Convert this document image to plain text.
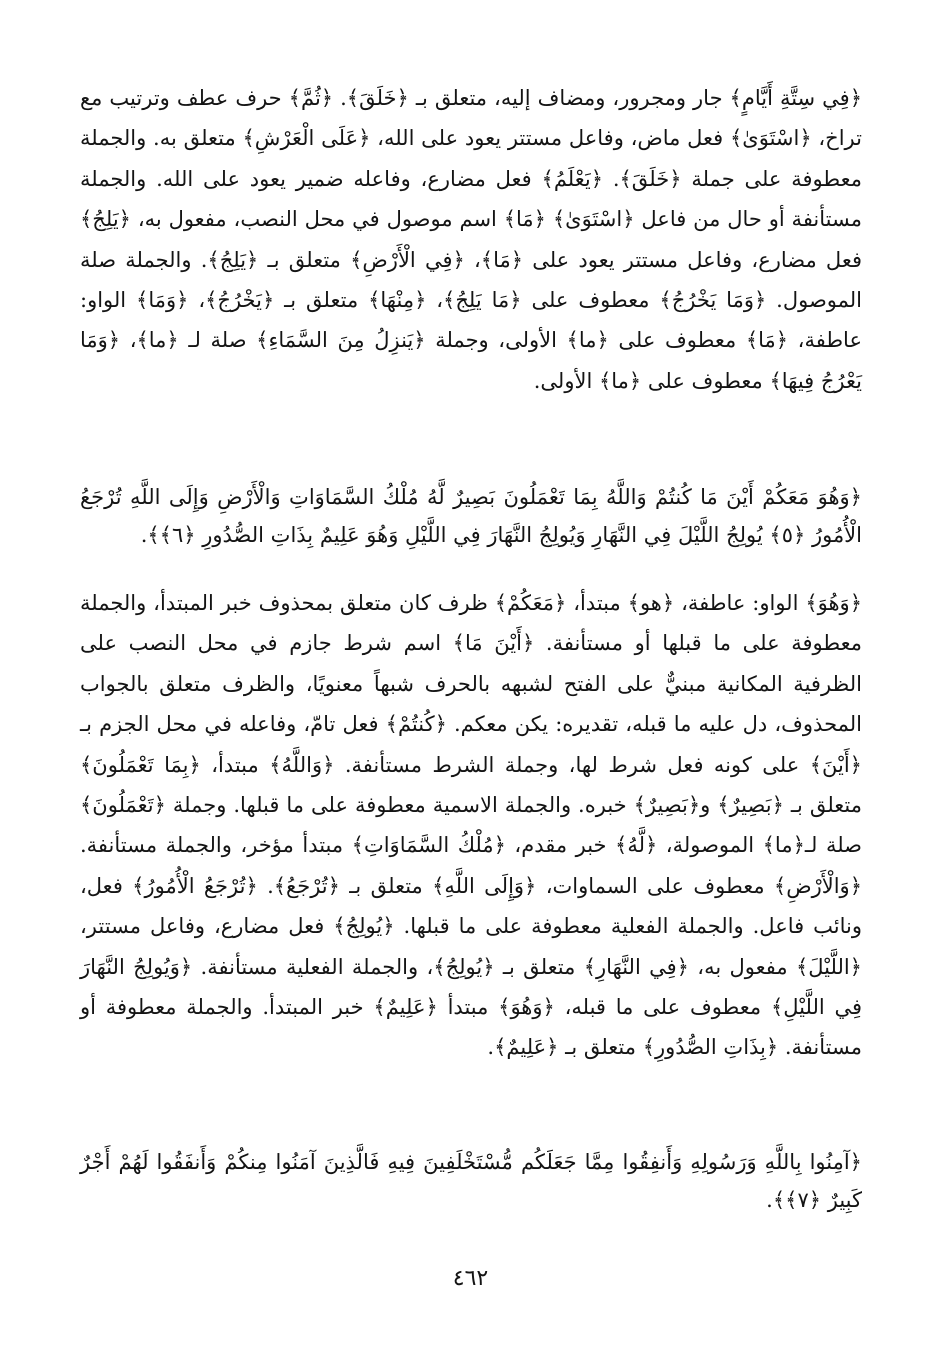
﴿فِي سِتَّةِ أَيَّامٍ﴾ جار ومجرور، ومضاف إليه، متعلق بـ ﴿خَلَقَ﴾. ﴿ثُمَّ﴾ حرف عطف وترتيب مع تراخ، ﴿اسْتَوَىٰ﴾ فعل ماض، وفاعل مستتر يعود على الله، ﴿عَلَى الْعَرْشِ﴾ متعلق به. والجملة معطوفة على جملة ﴿خَلَقَ﴾. ﴿يَعْلَمُ﴾ فعل مضارع، وفاعله ضمير يعود على الله. والجملة مستأنفة أو حال من فاعل ﴿اسْتَوَىٰ﴾ ﴿مَا﴾ اسم موصول في محل النصب، مفعول به، ﴿يَلِجُ﴾ فعل مضارع، وفاعل مستتر يعود على ﴿مَا﴾، ﴿فِي الْأَرْضِ﴾ متعلق بـ ﴿يَلِجُ﴾. والجملة صلة الموصول. ﴿وَمَا يَخْرُجُ﴾ معطوف على ﴿مَا يَلِجُ﴾، ﴿مِنْهَا﴾ متعلق بـ ﴿يَخْرُجُ﴾، ﴿وَمَا﴾ الواو: عاطفة، ﴿مَا﴾ معطوف على ﴿ما﴾ الأولى، وجملة ﴿يَنزِلُ مِنَ السَّمَاءِ﴾ صلة لـ ﴿ما﴾، ﴿وَمَا يَعْرُجُ فِيهَا﴾ معطوف على ﴿ما﴾ الأولى.

﴿وَهُوَ مَعَكُمْ أَيْنَ مَا كُنتُمْ وَاللَّهُ بِمَا تَعْمَلُونَ بَصِيرٌ لَّهُ مُلْكُ السَّمَاوَاتِ وَالْأَرْضِ وَإِلَى اللَّهِ تُرْجَعُ الْأُمُورُ ﴿٥﴾ يُولِجُ اللَّيْلَ فِي النَّهَارِ وَيُولِجُ النَّهَارَ فِي اللَّيْلِ وَهُوَ عَلِيمٌ بِذَاتِ الصُّدُورِ ﴿٦﴾﴾.

﴿وَهُوَ﴾ الواو: عاطفة، ﴿هو﴾ مبتدأ، ﴿مَعَكُمْ﴾ ظرف كان متعلق بمحذوف خبر المبتدأ، والجملة معطوفة على ما قبلها أو مستأنفة. ﴿أَيْنَ مَا﴾ اسم شرط جازم في محل النصب على الظرفية المكانية مبنيٌّ على الفتح لشبهه بالحرف شبهاً معنويًا، والظرف متعلق بالجواب المحذوف، دل عليه ما قبله، تقديره: يكن معكم. ﴿كُنتُمْ﴾ فعل تامّ، وفاعله في محل الجزم بـ ﴿أَيْنَ﴾ على كونه فعل شرط لها، وجملة الشرط مستأنفة. ﴿وَاللَّهُ﴾ مبتدأ، ﴿بِمَا تَعْمَلُونَ﴾ متعلق بـ ﴿بَصِيرٌ﴾ و﴿بَصِيرٌ﴾ خبره. والجملة الاسمية معطوفة على ما قبلها. وجملة ﴿تَعْمَلُونَ﴾ صلة لـ﴿ما﴾ الموصولة، ﴿لَّهُ﴾ خبر مقدم، ﴿مُلْكُ السَّمَاوَاتِ﴾ مبتدأ مؤخر، والجملة مستأنفة. ﴿وَالْأَرْضِ﴾ معطوف على السماوات، ﴿وَإِلَى اللَّهِ﴾ متعلق بـ ﴿تُرْجَعُ﴾. ﴿تُرْجَعُ الْأُمُورُ﴾ فعل، ونائب فاعل. والجملة الفعلية معطوفة على ما قبلها. ﴿يُولِجُ﴾ فعل مضارع، وفاعل مستتر، ﴿اللَّيْلَ﴾ مفعول به، ﴿فِي النَّهَارِ﴾ متعلق بـ ﴿يُولِجُ﴾، والجملة الفعلية مستأنفة. ﴿وَيُولِجُ النَّهَارَ فِي اللَّيْلِ﴾ معطوف على ما قبله، ﴿وَهُوَ﴾ مبتدأ ﴿عَلِيمٌ﴾ خبر المبتدأ. والجملة معطوفة أو مستأنفة. ﴿بِذَاتِ الصُّدُورِ﴾ متعلق بـ ﴿عَلِيمٌ﴾.

﴿آمِنُوا بِاللَّهِ وَرَسُولِهِ وَأَنفِقُوا مِمَّا جَعَلَكُم مُّسْتَخْلَفِينَ فِيهِ فَالَّذِينَ آمَنُوا مِنكُمْ وَأَنفَقُوا لَهُمْ أَجْرٌ كَبِيرٌ ﴿٧﴾﴾.

٤٦٢
